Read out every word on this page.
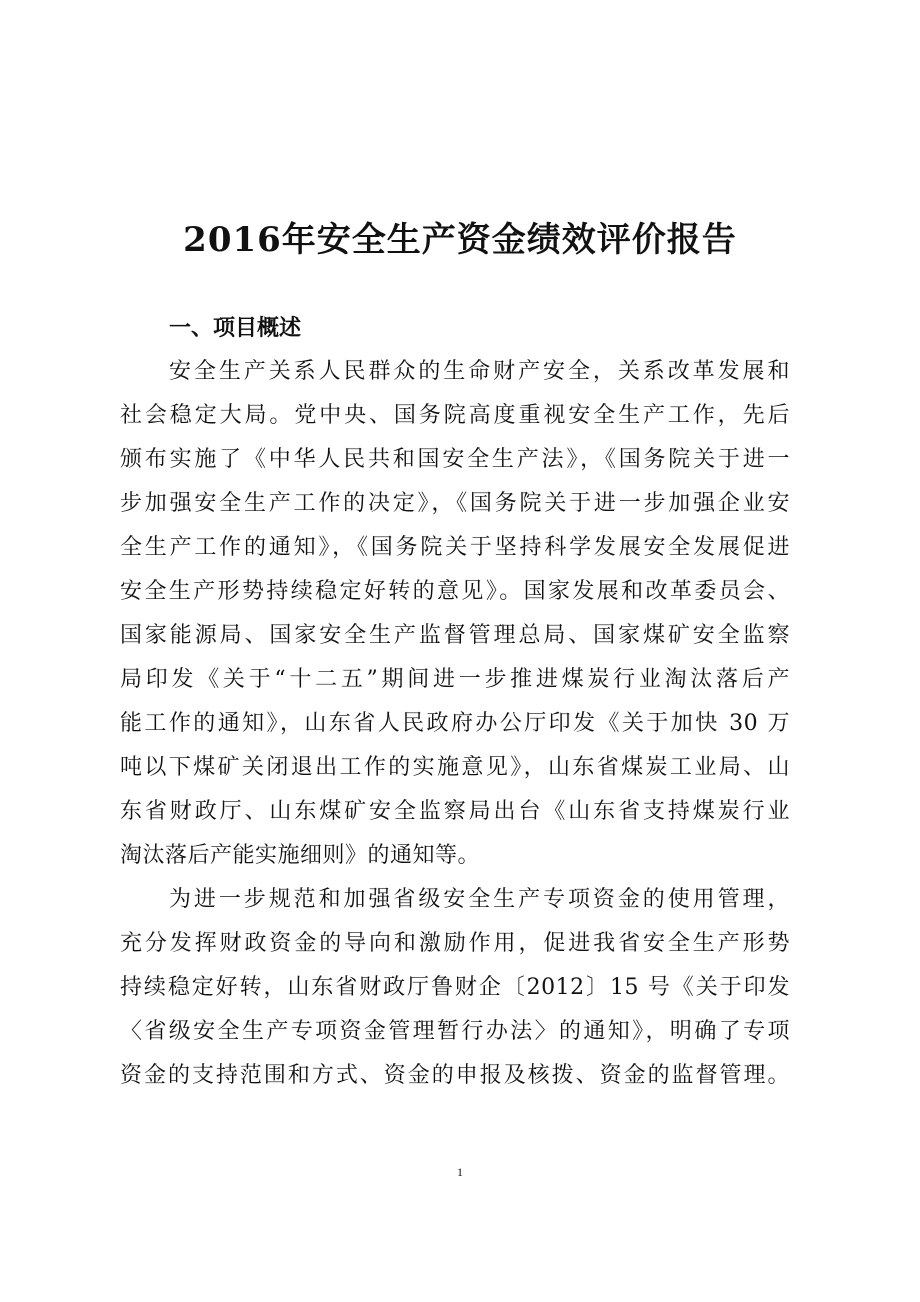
2016年安全生产资金绩效评价报告
一、项目概述
安全生产关系人民群众的生命财产安全，关系改革发展和
社会稳定大局。党中央、国务院高度重视安全生产工作，先后
颁布实施了《中华人民共和国安全生产法》，《国务院关于进一
步加强安全生产工作的决定》，《国务院关于进一步加强企业安
全生产工作的通知》，《国务院关于坚持科学发展安全发展促进
安全生产形势持续稳定好转的意见》。国家发展和改革委员会、
国家能源局、国家安全生产监督管理总局、国家煤矿安全监察
局印发《关于“十二五”期间进一步推进煤炭行业淘汰落后产
能工作的通知》，山东省人民政府办公厅印发《关于加快 30 万
吨以下煤矿关闭退出工作的实施意见》，山东省煤炭工业局、山
东省财政厅、山东煤矿安全监察局出台《山东省支持煤炭行业
淘汰落后产能实施细则》的通知等。
为进一步规范和加强省级安全生产专项资金的使用管理，
充分发挥财政资金的导向和激励作用，促进我省安全生产形势
持续稳定好转，山东省财政厅鲁财企〔2012〕15 号《关于印发
〈省级安全生产专项资金管理暂行办法〉的通知》，明确了专项
资金的支持范围和方式、资金的申报及核拨、资金的监督管理。
1
